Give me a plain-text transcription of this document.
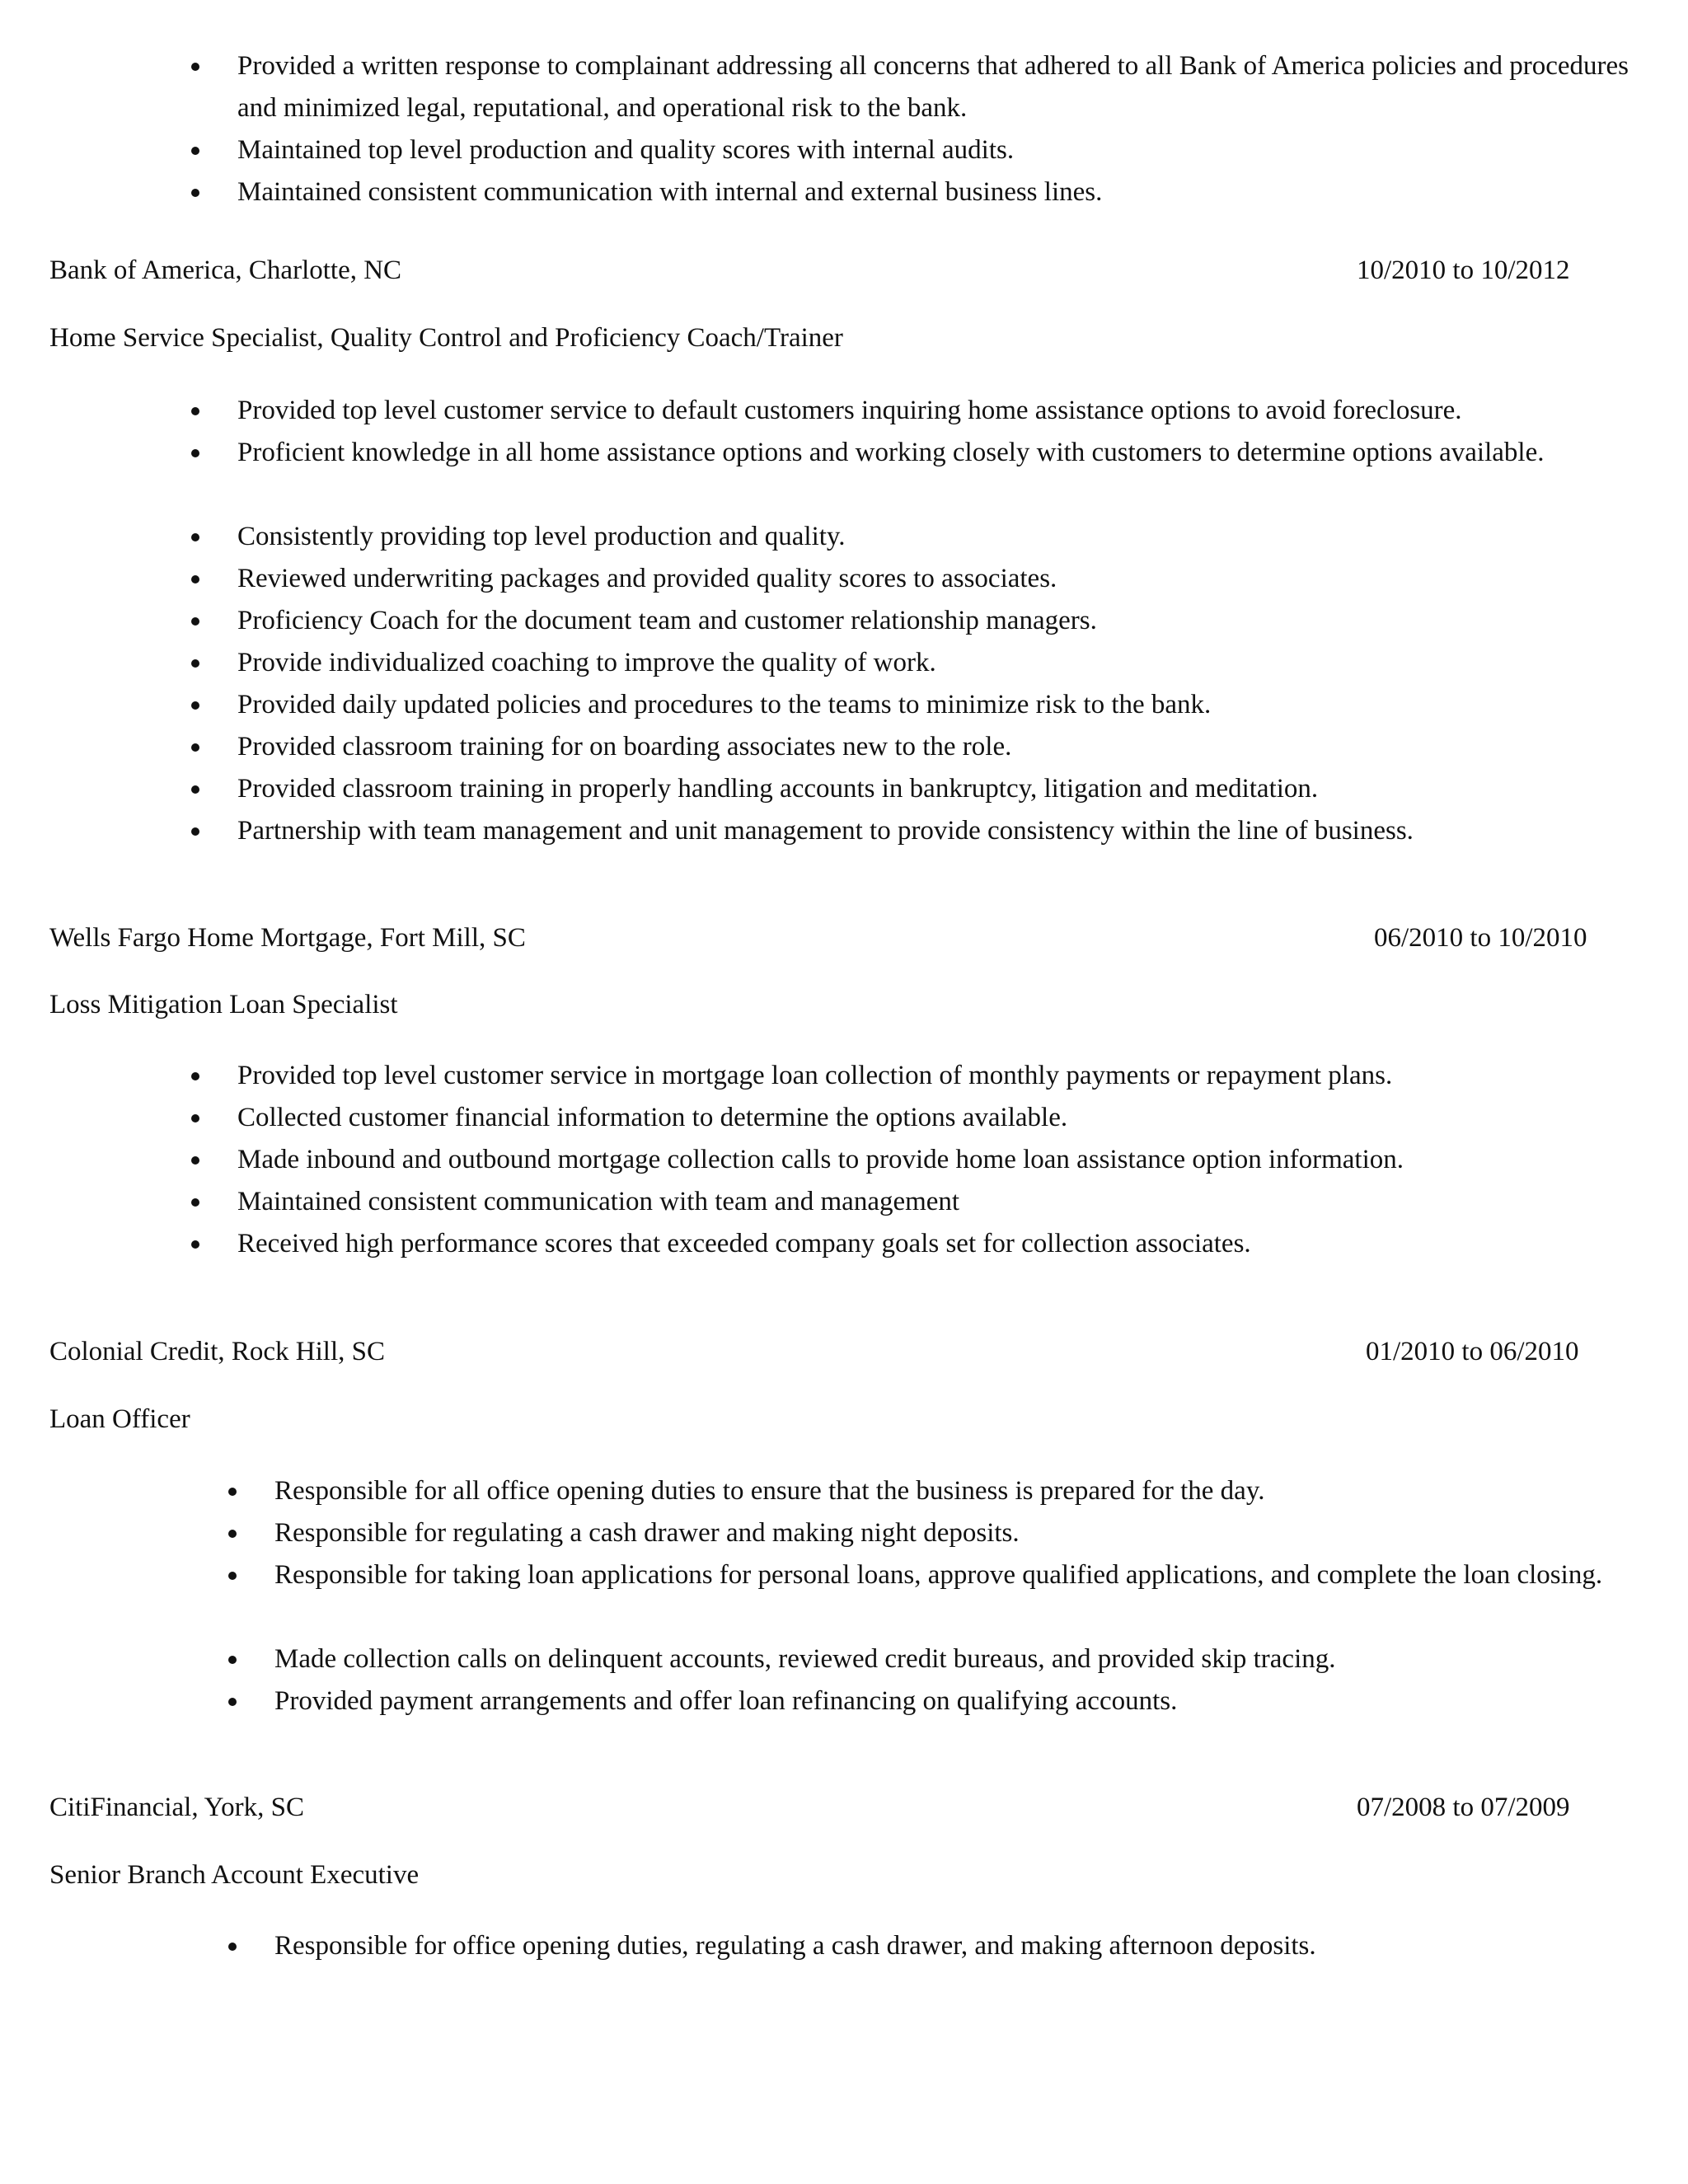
Provided a written response to complainant addressing all concerns that adhered to all Bank of America policies and procedures and minimized legal, reputational, and operational risk to the bank.
Maintained top level production and quality scores with internal audits.
Maintained consistent communication with internal and external business lines.
Bank of America, Charlotte, NC	10/2010 to 10/2012
Home Service Specialist, Quality Control and Proficiency Coach/Trainer
Provided top level customer service to default customers inquiring home assistance options to avoid foreclosure.
Proficient knowledge in all home assistance options and working closely with customers to determine options available.
Consistently providing top level production and quality.
Reviewed underwriting packages and provided quality scores to associates.
Proficiency Coach for the document team and customer relationship managers.
Provide individualized coaching to improve the quality of work.
Provided daily updated policies and procedures to the teams to minimize risk to the bank.
Provided classroom training for on boarding associates new to the role.
Provided classroom training in properly handling accounts in bankruptcy, litigation and meditation.
Partnership with team management and unit management to provide consistency within the line of business.
Wells Fargo Home Mortgage, Fort Mill, SC	06/2010 to 10/2010
Loss Mitigation Loan Specialist
Provided top level customer service in mortgage loan collection of monthly payments or repayment plans.
Collected customer financial information to determine the options available.
Made inbound and outbound mortgage collection calls to provide home loan assistance option information.
Maintained consistent communication with team and management
Received high performance scores that exceeded company goals set for collection associates.
Colonial Credit, Rock Hill, SC	01/2010 to 06/2010
Loan Officer
Responsible for all office opening duties to ensure that the business is prepared for the day.
Responsible for regulating a cash drawer and making night deposits.
Responsible for taking loan applications for personal loans, approve qualified applications, and complete the loan closing.
Made collection calls on delinquent accounts, reviewed credit bureaus, and provided skip tracing.
Provided payment arrangements and offer loan refinancing on qualifying accounts.
CitiFinancial, York, SC	07/2008 to 07/2009
Senior Branch Account Executive
Responsible for office opening duties, regulating a cash drawer, and making afternoon deposits.
